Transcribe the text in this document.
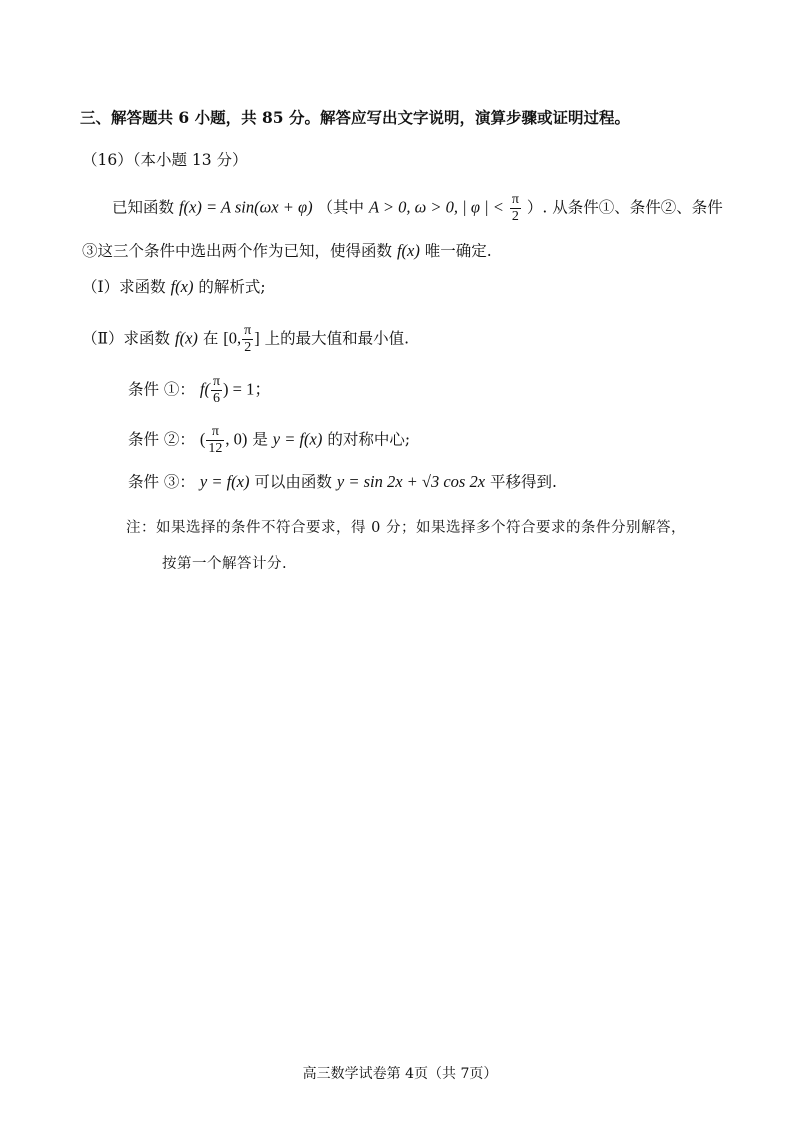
三、解答题共 6 小题，共 85 分。解答应写出文字说明，演算步骤或证明过程。
（16）（本小题 13 分）
已知函数 f(x) = A sin(ωx + φ) （其中 A > 0, ω > 0, | φ | < $\frac{\pi}{2}$ ）. 从条件①、条件②、条件
③这三个条件中选出两个作为已知，使得函数 f(x) 唯一确定.
（Ⅰ）求函数 f(x) 的解析式;
（Ⅱ）求函数 f(x) 在 [0, $\frac{\pi}{2}$ ] 上的最大值和最小值.
条件 ①： $f( \frac{\pi}{6}$ ) = 1；
条件 ②： ( $\frac{\pi}{12}$ , 0) 是 y = f(x) 的对称中心;
条件 ③： y = f(x) 可以由函数 y = sin 2x + √3 cos 2x 平移得到.
注：如果选择的条件不符合要求，得 0 分；如果选择多个符合要求的条件分别解答，
按第一个解答计分.
高三数学试卷第 4页（共 7页）
